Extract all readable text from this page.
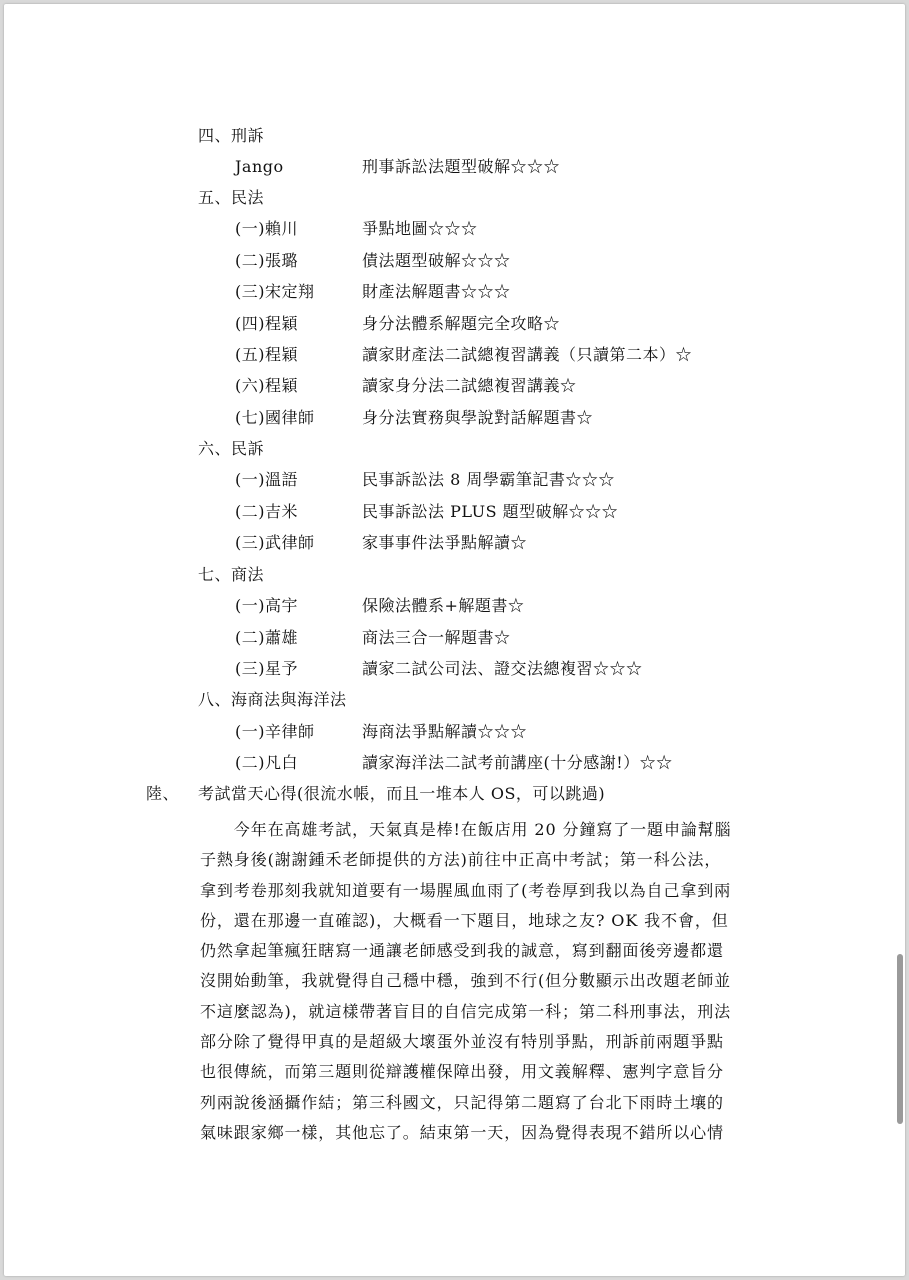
四、刑訴
Jango	刑事訴訟法題型破解☆☆☆
五、民法
(一)賴川	爭點地圖☆☆☆
(二)張璐	債法題型破解☆☆☆
(三)宋定翔	財產法解題書☆☆☆
(四)程穎	身分法體系解題完全攻略☆
(五)程穎	讀家財產法二試總複習講義（只讀第二本）☆
(六)程穎	讀家身分法二試總複習講義☆
(七)國律師	身分法實務與學說對話解題書☆
六、民訴
(一)溫語	民事訴訟法 8 周學霸筆記書☆☆☆
(二)吉米	民事訴訟法 PLUS 題型破解☆☆☆
(三)武律師	家事事件法爭點解讀☆
七、商法
(一)高宇	保險法體系+解題書☆
(二)蕭雄	商法三合一解題書☆
(三)星予	讀家二試公司法、證交法總複習☆☆☆
八、海商法與海洋法
(一)辛律師	海商法爭點解讀☆☆☆
(二)凡白	讀家海洋法二試考前講座(十分感謝!）☆☆
陸、 考試當天心得(很流水帳，而且一堆本人 OS，可以跳過)
　　今年在高雄考試，天氣真是棒!在飯店用 20 分鐘寫了一題申論幫腦
子熱身後(謝謝鍾禾老師提供的方法)前往中正高中考試；第一科公法，
拿到考卷那刻我就知道要有一場腥風血雨了(考卷厚到我以為自己拿到兩
份，還在那邊一直確認)，大概看一下題目，地球之友? OK 我不會，但
仍然拿起筆瘋狂瞎寫一通讓老師感受到我的誠意，寫到翻面後旁邊都還
沒開始動筆，我就覺得自己穩中穩，強到不行(但分數顯示出改題老師並
不這麼認為)，就這樣帶著盲目的自信完成第一科；第二科刑事法，刑法
部分除了覺得甲真的是超級大壞蛋外並沒有特別爭點，刑訴前兩題爭點
也很傳統，而第三題則從辯護權保障出發，用文義解釋、憲判字意旨分
列兩說後涵攝作結；第三科國文，只記得第二題寫了台北下雨時土壤的
氣味跟家鄉一樣，其他忘了。結束第一天，因為覺得表現不錯所以心情
